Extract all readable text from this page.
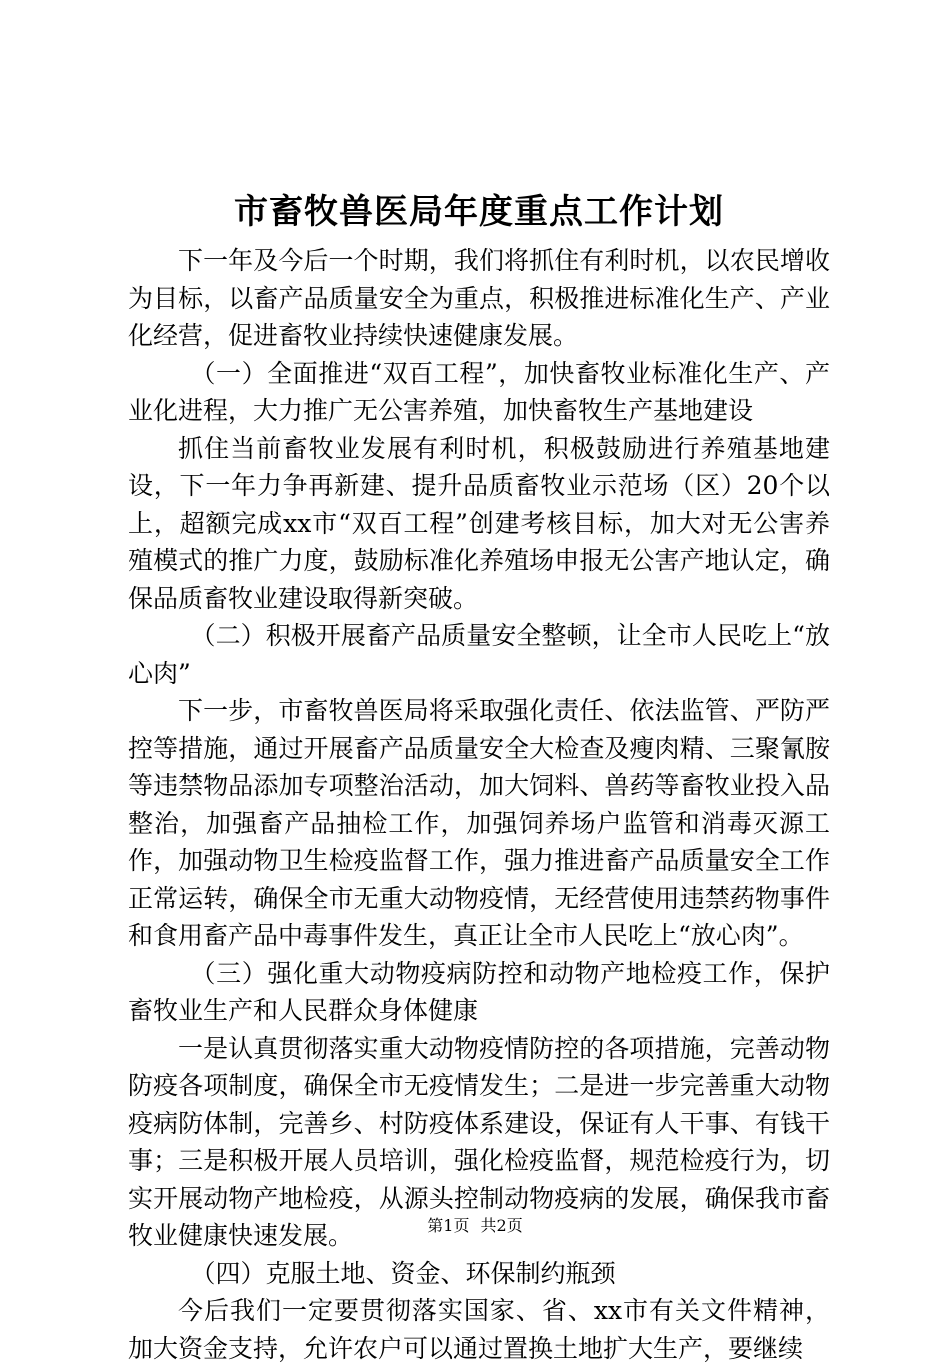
市畜牧兽医局年度重点工作计划

下一年及今后一个时期，我们将抓住有利时机，以农民增收为目标，以畜产品质量安全为重点，积极推进标准化生产、产业化经营，促进畜牧业持续快速健康发展。

（一）全面推进“双百工程”，加快畜牧业标准化生产、产业化进程，大力推广无公害养殖，加快畜牧生产基地建设

抓住当前畜牧业发展有利时机，积极鼓励进行养殖基地建设，下一年力争再新建、提升品质畜牧业示范场（区）20个以上，超额完成xx市“双百工程”创建考核目标，加大对无公害养殖模式的推广力度，鼓励标准化养殖场申报无公害产地认定，确保品质畜牧业建设取得新突破。

（二）积极开展畜产品质量安全整顿，让全市人民吃上“放心肉”

下一步，市畜牧兽医局将采取强化责任、依法监管、严防严控等措施，通过开展畜产品质量安全大检查及瘦肉精、三聚氰胺等违禁物品添加专项整治活动，加大饲料、兽药等畜牧业投入品整治，加强畜产品抽检工作，加强饲养场户监管和消毒灭源工作，加强动物卫生检疫监督工作，强力推进畜产品质量安全工作正常运转，确保全市无重大动物疫情，无经营使用违禁药物事件和食用畜产品中毒事件发生，真正让全市人民吃上“放心肉”。

（三）强化重大动物疫病防控和动物产地检疫工作，保护畜牧业生产和人民群众身体健康

一是认真贯彻落实重大动物疫情防控的各项措施，完善动物防疫各项制度，确保全市无疫情发生；二是进一步完善重大动物疫病防体制，完善乡、村防疫体系建设，保证有人干事、有钱干事；三是积极开展人员培训，强化检疫监督，规范检疫行为，切实开展动物产地检疫，从源头控制动物疫病的发展，确保我市畜牧业健康快速发展。

（四）克服土地、资金、环保制约瓶颈

今后我们一定要贯彻落实国家、省、xx市有关文件精神，加大资金支持，允许农户可以通过置换土地扩大生产，要继续

第1页 共2页
